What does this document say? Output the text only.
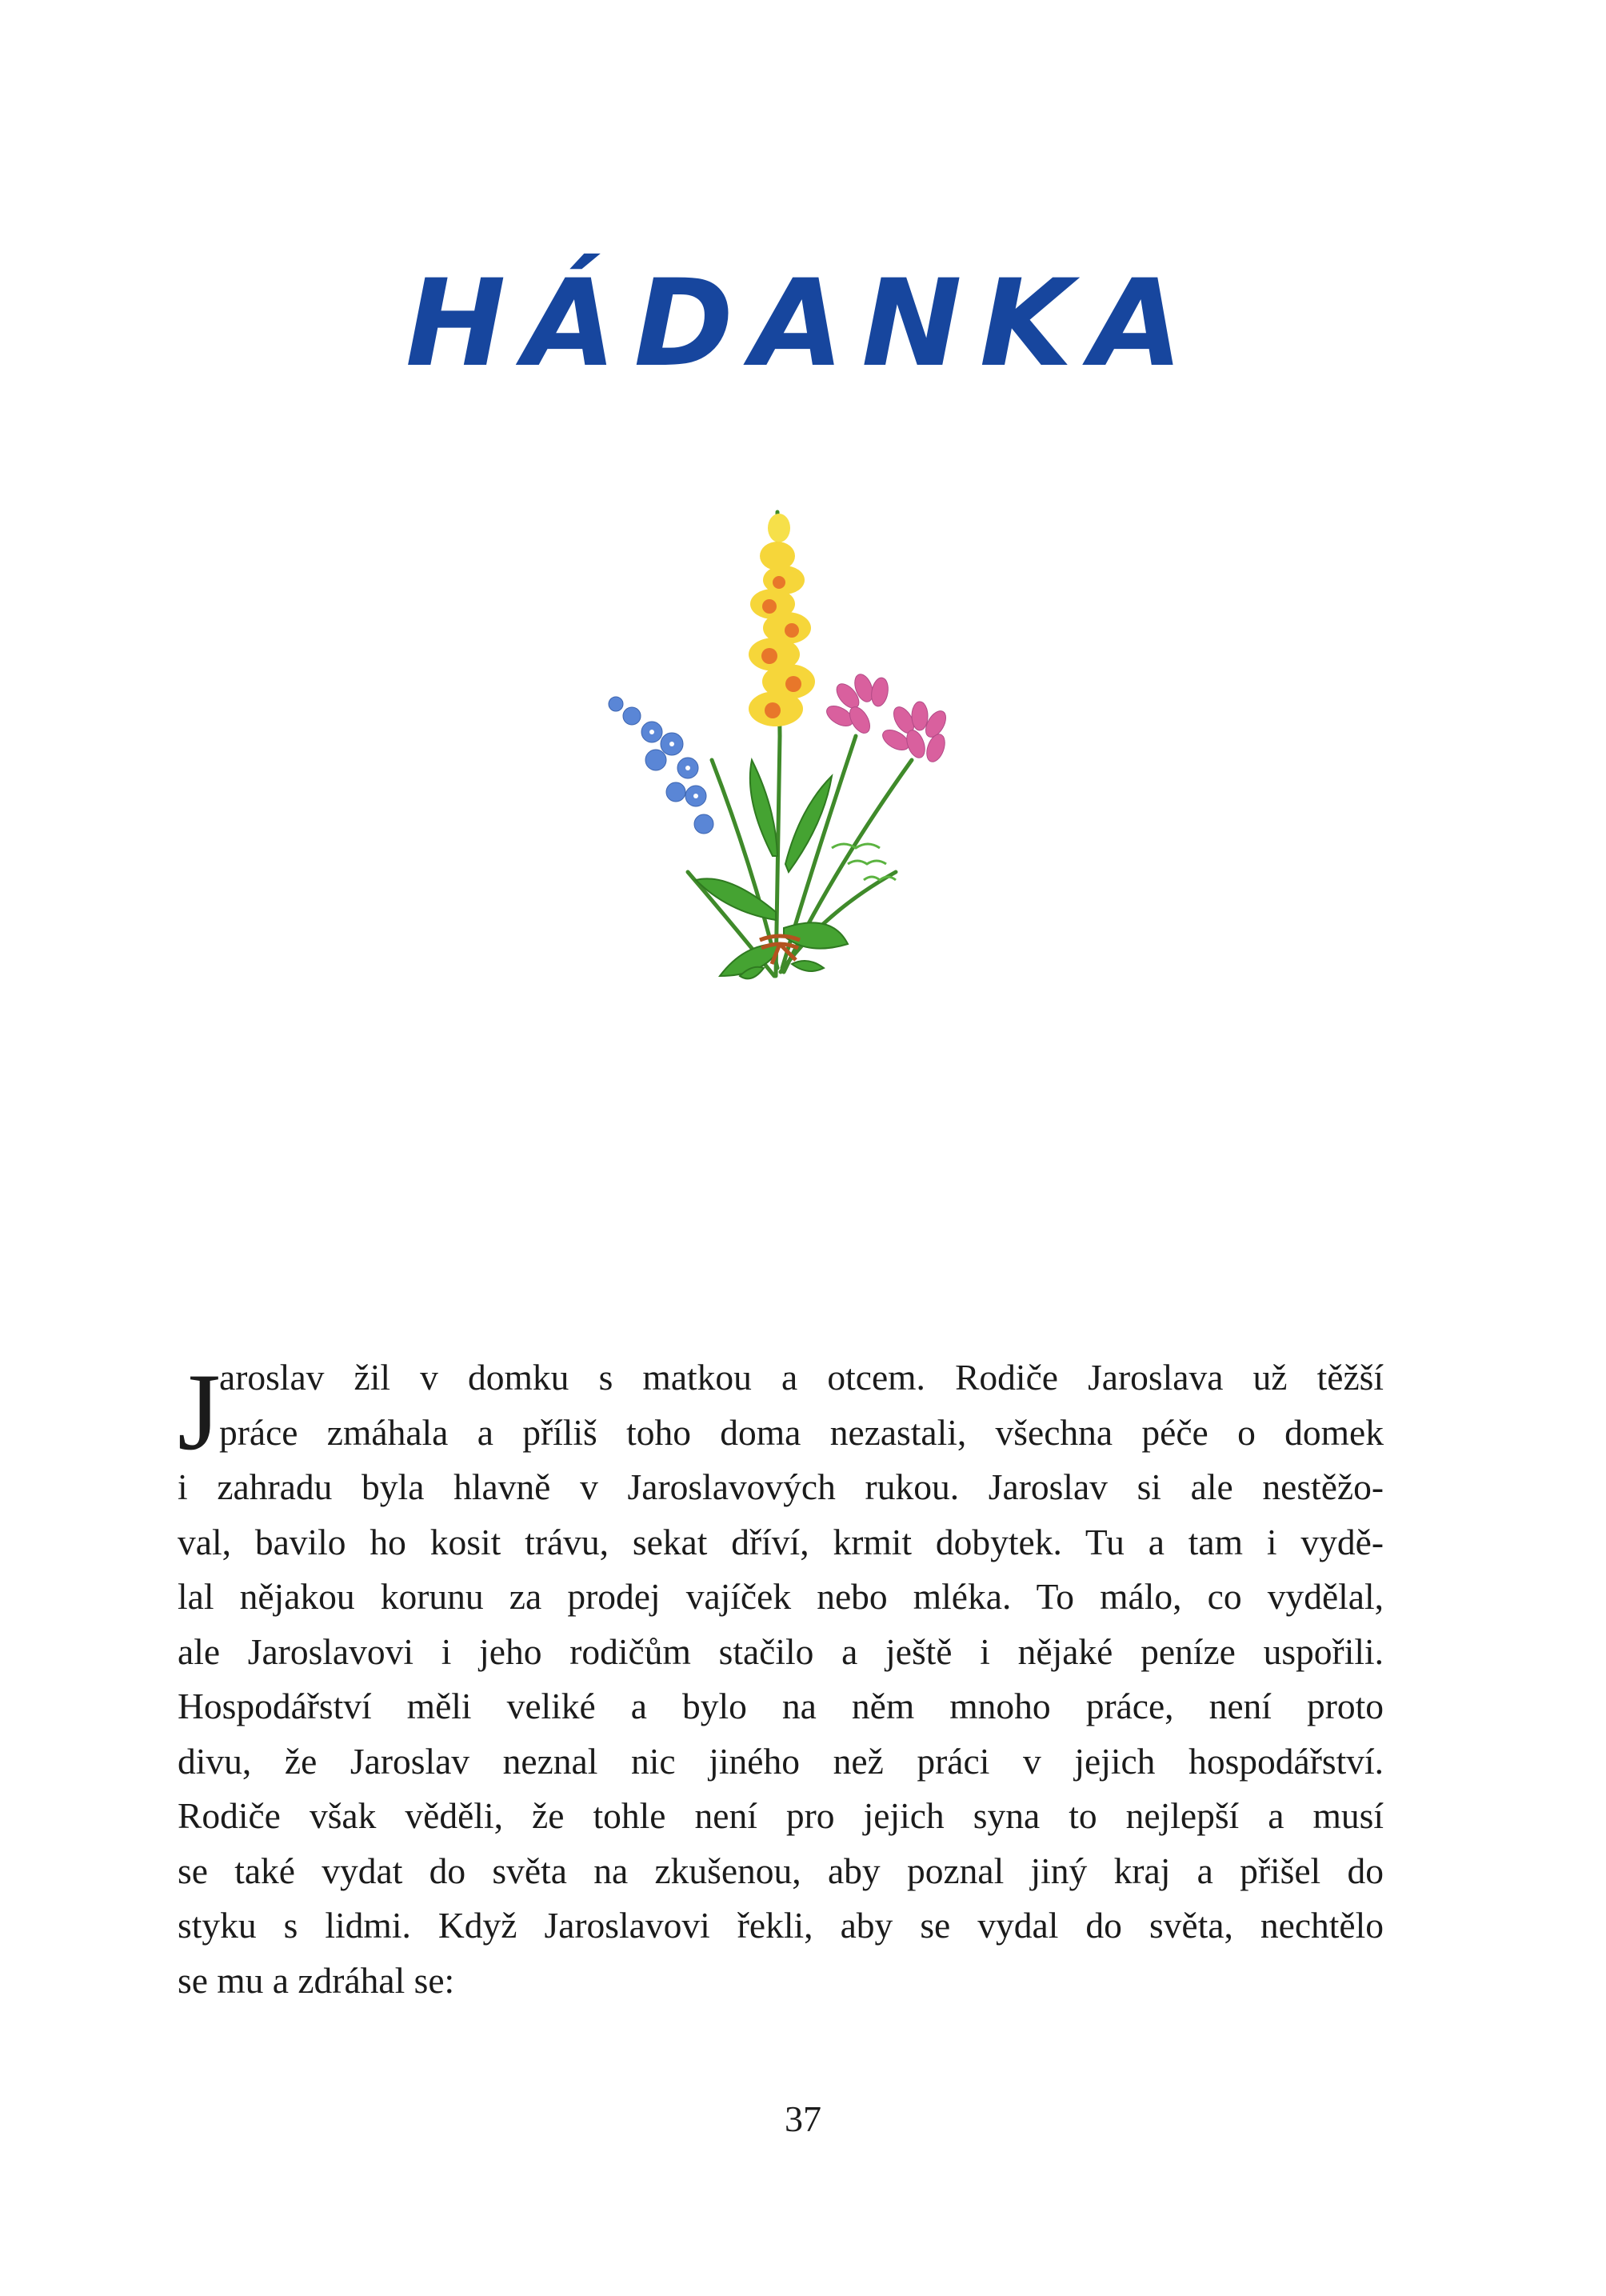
HÁDANKA
J
aroslav žil v domku s matkou a otcem. Rodiče Jaroslava už těžší
práce zmáhala a příliš toho doma nezastali, všechna péče o domek
i zahradu byla hlavně v Jaroslavových rukou. Jaroslav si ale nestěžo-
val, bavilo ho kosit trávu, sekat dříví, krmit dobytek. Tu a tam i vydě-
lal nějakou korunu za prodej vajíček nebo mléka. To málo, co vydělal,
ale Jaroslavovi i jeho rodičům stačilo a ještě i nějaké peníze uspořili.
Hospodářství měli veliké a bylo na něm mnoho práce, není proto
divu, že Jaroslav neznal nic jiného než práci v jejich hospodářství.
Rodiče však věděli, že tohle není pro jejich syna to nejlepší a musí
se také vydat do světa na zkušenou, aby poznal jiný kraj a přišel do
styku s lidmi. Když Jaroslavovi řekli, aby se vydal do světa, nechtělo
se mu a zdráhal se:
37
